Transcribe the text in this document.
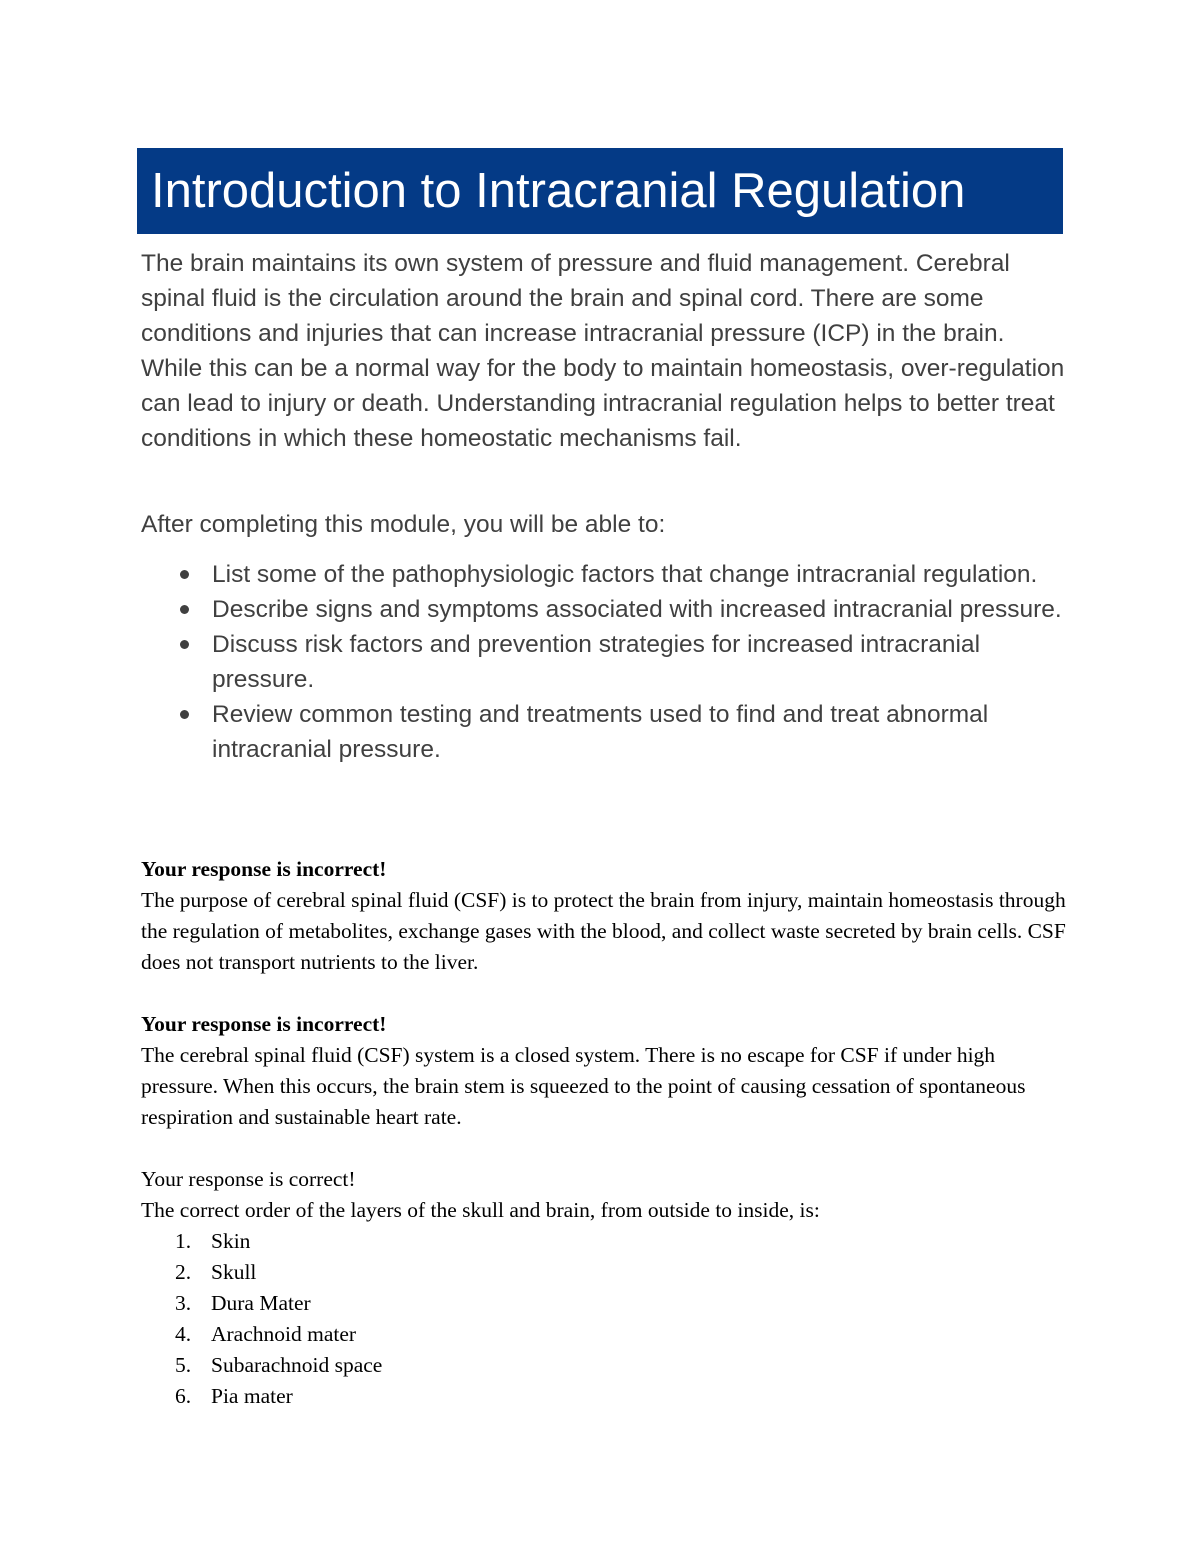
Introduction to Intracranial Regulation

The brain maintains its own system of pressure and fluid management. Cerebral spinal fluid is the circulation around the brain and spinal cord. There are some conditions and injuries that can increase intracranial pressure (ICP) in the brain. While this can be a normal way for the body to maintain homeostasis, over-regulation can lead to injury or death. Understanding intracranial regulation helps to better treat conditions in which these homeostatic mechanisms fail.

After completing this module, you will be able to:

List some of the pathophysiologic factors that change intracranial regulation.
Describe signs and symptoms associated with increased intracranial pressure.
Discuss risk factors and prevention strategies for increased intracranial pressure.
Review common testing and treatments used to find and treat abnormal intracranial pressure.
Your response is incorrect!
The purpose of cerebral spinal fluid (CSF) is to protect the brain from injury, maintain homeostasis through the regulation of metabolites, exchange gases with the blood, and collect waste secreted by brain cells. CSF does not transport nutrients to the liver.
Your response is incorrect!
The cerebral spinal fluid (CSF) system is a closed system. There is no escape for CSF if under high pressure. When this occurs, the brain stem is squeezed to the point of causing cessation of spontaneous respiration and sustainable heart rate.
Your response is correct!
The correct order of the layers of the skull and brain, from outside to inside, is:
1. Skin
2. Skull
3. Dura Mater
4. Arachnoid mater
5. Subarachnoid space
6. Pia mater
